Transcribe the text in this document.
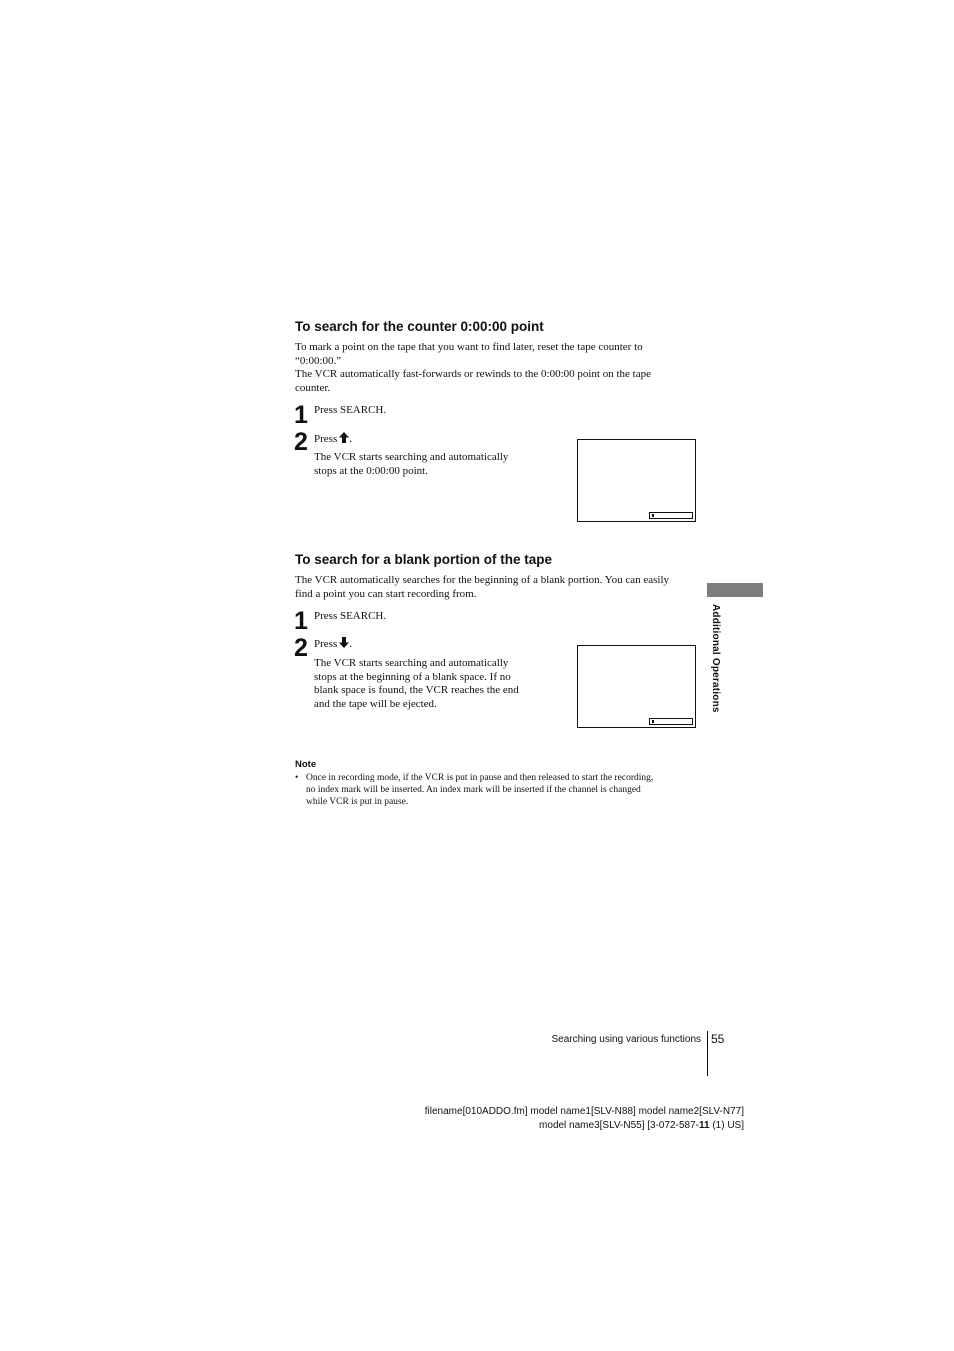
To search for the counter 0:00:00 point
To mark a point on the tape that you want to find later, reset the tape counter to
“0:00:00.”
The VCR automatically fast-forwards or rewinds to the 0:00:00 point on the tape
counter.
1 Press SEARCH.
2 Press .
The VCR starts searching and automatically
stops at the 0:00:00 point.
To search for a blank portion of the tape
The VCR automatically searches for the beginning of a blank portion. You can easily
find a point you can start recording from.
1 Press SEARCH.
2 Press .
The VCR starts searching and automatically
stops at the beginning of a blank space. If no
blank space is found, the VCR reaches the end
and the tape will be ejected.	Additional Operations
Note
• Once in recording mode, if the VCR is put in pause and then released to start the recording,
no index mark will be inserted. An index mark will be inserted if the channel is changed
while VCR is put in pause.
Searching using various functions 55
filename[010ADDO.fm] model name1[SLV-N88] model name2[SLV-N77]
model name3[SLV-N55] [3-072-587-11 (1) US]
